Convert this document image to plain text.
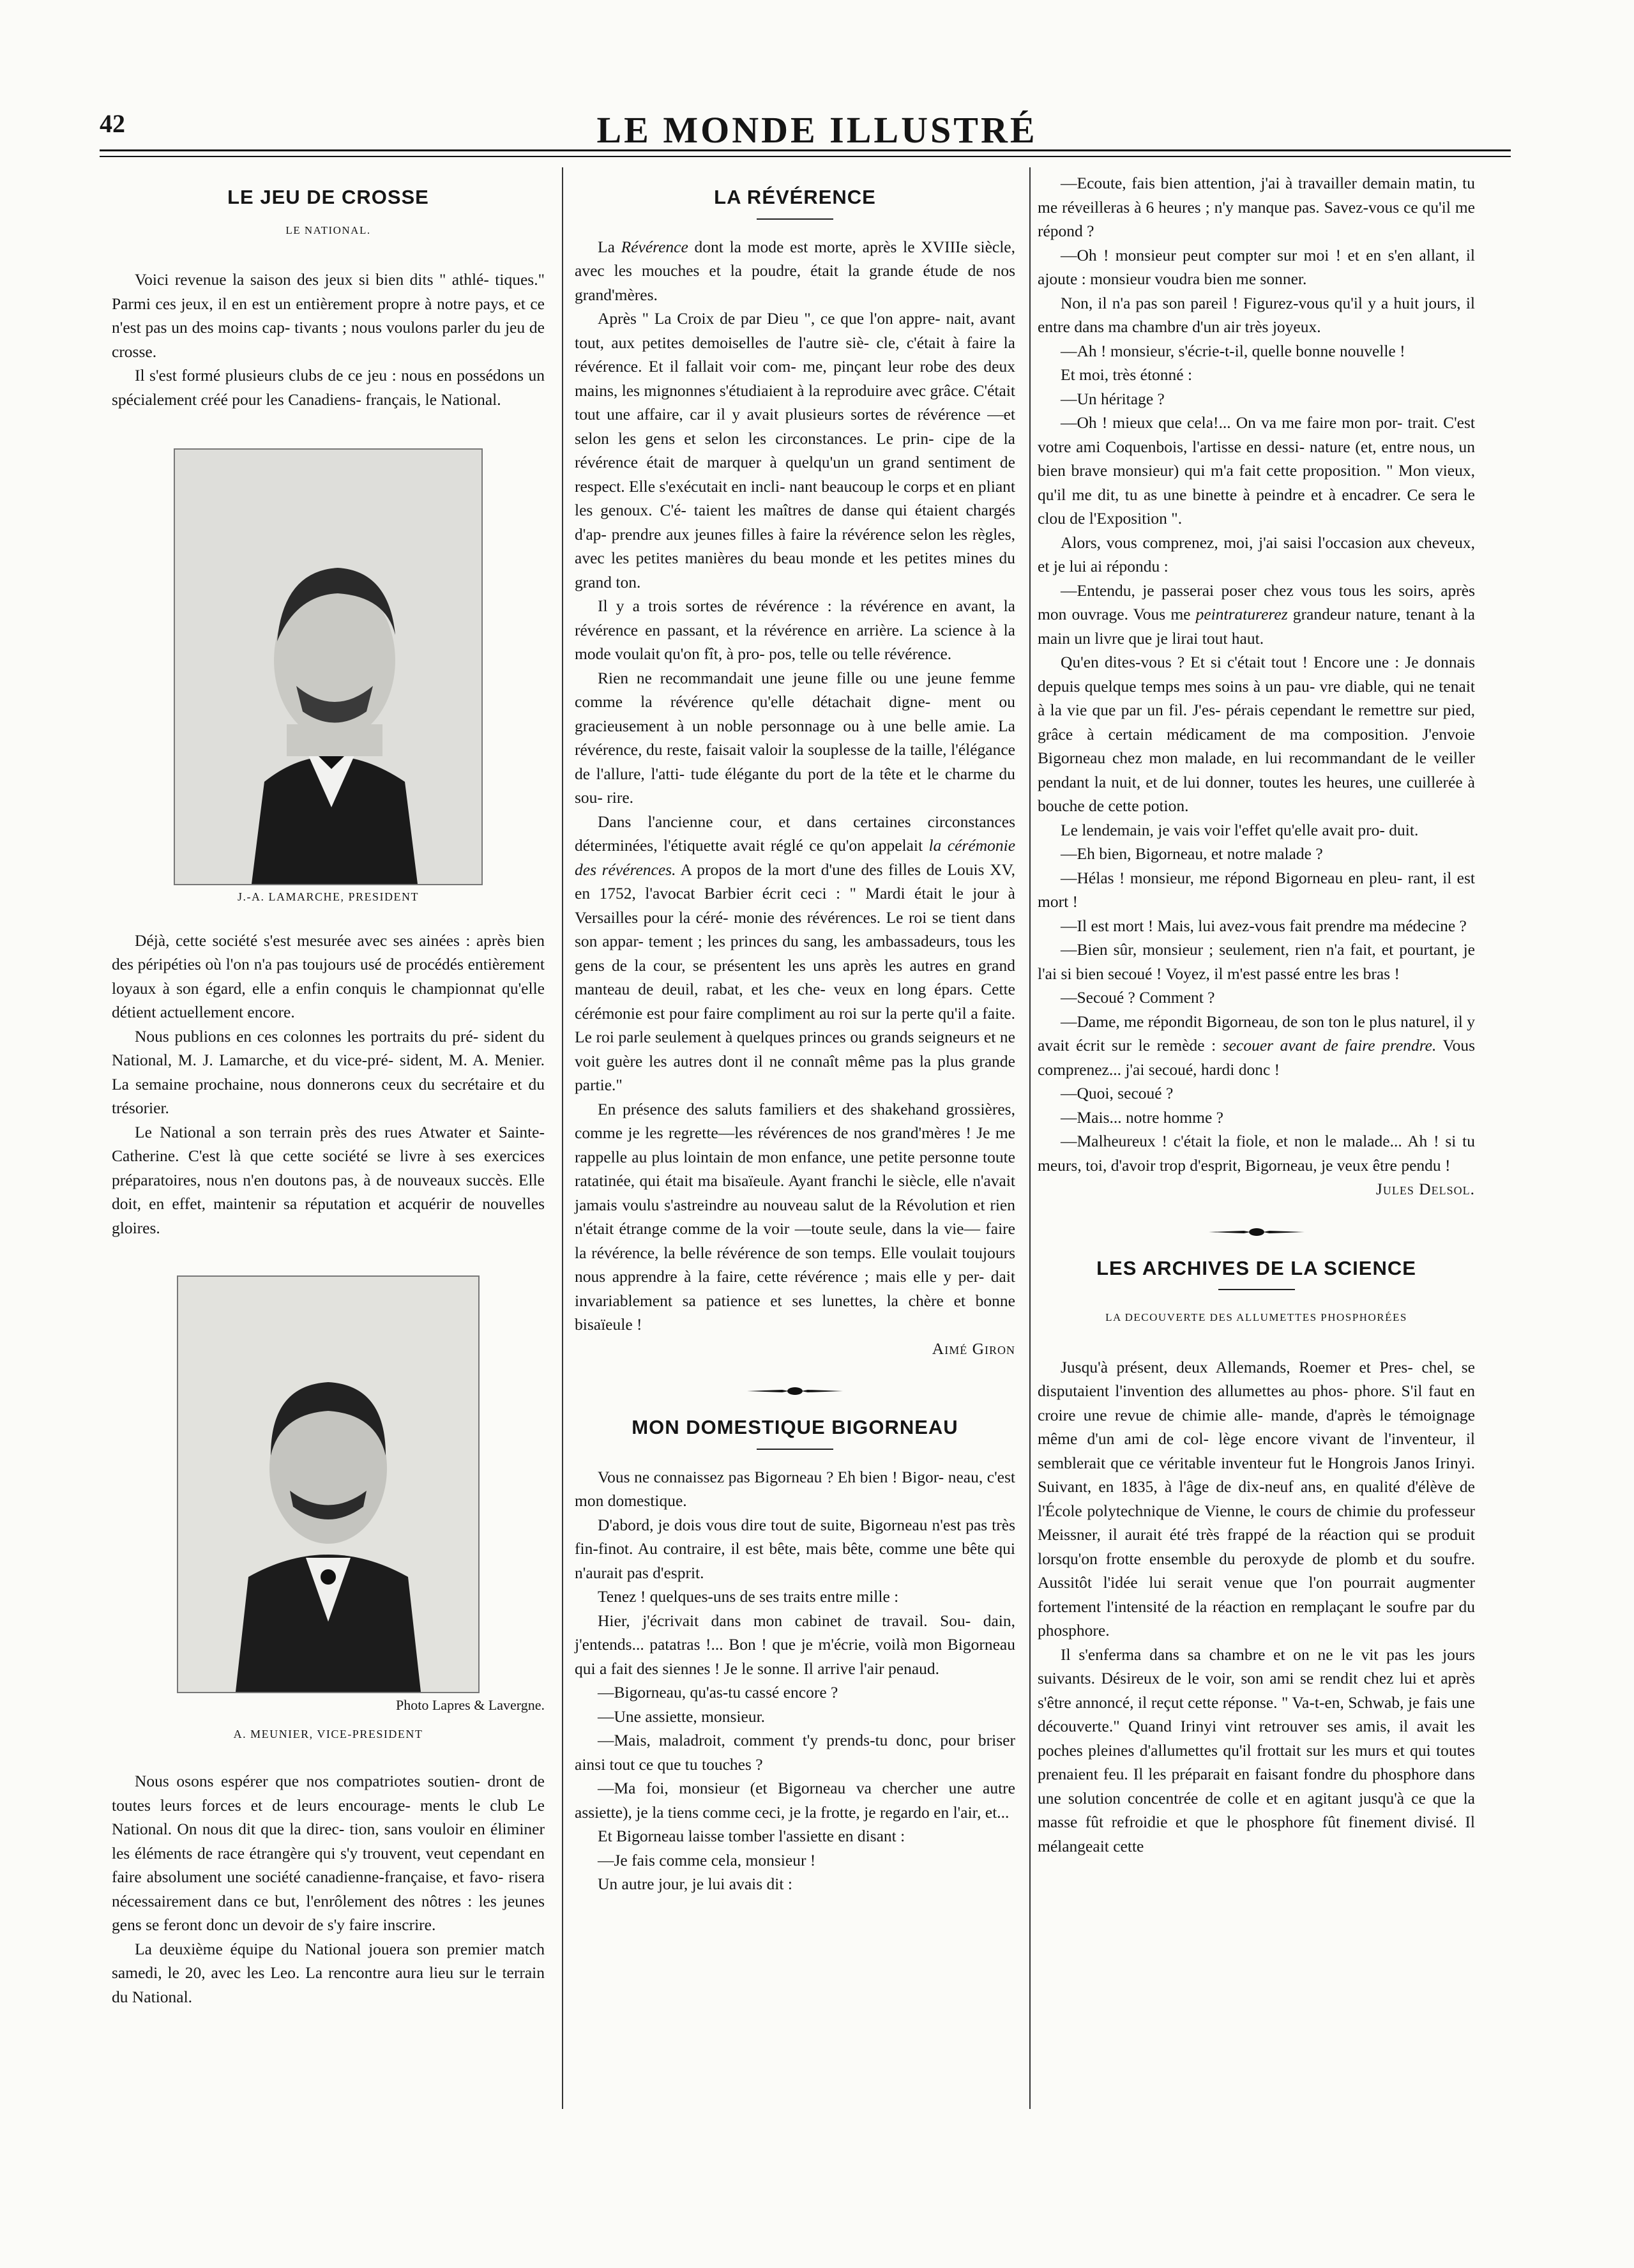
42	LE MONDE ILLUSTRÉ
LE JEU DE CROSSE
LE NATIONAL.

Voici revenue la saison des jeux si bien dits " athlé- tiques." Parmi ces jeux, il en est un entièrement propre à notre pays, et ce n'est pas un des moins cap- tivants ; nous voulons parler du jeu de crosse.

Il s'est formé plusieurs clubs de ce jeu : nous en possédons un spécialement créé pour les Canadiens- français, le National.

J.-A. LAMARCHE, PRESIDENT

Déjà, cette société s'est mesurée avec ses ainées : après bien des péripéties où l'on n'a pas toujours usé de procédés entièrement loyaux à son égard, elle a enfin conquis le championnat qu'elle détient actuellement encore.

Nous publions en ces colonnes les portraits du pré- sident du National, M. J. Lamarche, et du vice-pré- sident, M. A. Menier. La semaine prochaine, nous donnerons ceux du secrétaire et du trésorier.

Le National a son terrain près des rues Atwater et Sainte-Catherine. C'est là que cette société se livre à ses exercices préparatoires, nous n'en doutons pas, à de nouveaux succès. Elle doit, en effet, maintenir sa réputation et acquérir de nouvelles gloires.

Photo Lapres & Lavergne.

A. MEUNIER, VICE-PRESIDENT

Nous osons espérer que nos compatriotes soutien- dront de toutes leurs forces et de leurs encourage- ments le club Le National. On nous dit que la direc- tion, sans vouloir en éliminer les éléments de race étrangère qui s'y trouvent, veut cependant en faire absolument une société canadienne-française, et favo- risera nécessairement dans ce but, l'enrôlement des nôtres : les jeunes gens se feront donc un devoir de s'y faire inscrire.

La deuxième équipe du National jouera son premier match samedi, le 20, avec les Leo. La rencontre aura lieu sur le terrain du National.

LA RÉVÉRENCE

La Révérence dont la mode est morte, après le XVIIIe siècle, avec les mouches et la poudre, était la grande étude de nos grand'mères.

Après " La Croix de par Dieu ", ce que l'on appre- nait, avant tout, aux petites demoiselles de l'autre siè- cle, c'était à faire la révérence. Et il fallait voir com- me, pinçant leur robe des deux mains, les mignonnes s'étudiaient à la reproduire avec grâce. C'était tout une affaire, car il y avait plusieurs sortes de révérence —et selon les gens et selon les circonstances. Le prin- cipe de la révérence était de marquer à quelqu'un un grand sentiment de respect. Elle s'exécutait en incli- nant beaucoup le corps et en pliant les genoux. C'é- taient les maîtres de danse qui étaient chargés d'ap- prendre aux jeunes filles à faire la révérence selon les règles, avec les petites manières du beau monde et les petites mines du grand ton.

Il y a trois sortes de révérence : la révérence en avant, la révérence en passant, et la révérence en arrière. La science à la mode voulait qu'on fît, à pro- pos, telle ou telle révérence.

Rien ne recommandait une jeune fille ou une jeune femme comme la révérence qu'elle détachait digne- ment ou gracieusement à un noble personnage ou à une belle amie. La révérence, du reste, faisait valoir la souplesse de la taille, l'élégance de l'allure, l'atti- tude élégante du port de la tête et le charme du sou- rire.

Dans l'ancienne cour, et dans certaines circonstances déterminées, l'étiquette avait réglé ce qu'on appelait la cérémonie des révérences. A propos de la mort d'une des filles de Louis XV, en 1752, l'avocat Barbier écrit ceci : " Mardi était le jour à Versailles pour la céré- monie des révérences. Le roi se tient dans son appar- tement ; les princes du sang, les ambassadeurs, tous les gens de la cour, se présentent les uns après les autres en grand manteau de deuil, rabat, et les che- veux en long épars. Cette cérémonie est pour faire compliment au roi sur la perte qu'il a faite. Le roi parle seulement à quelques princes ou grands seigneurs et ne voit guère les autres dont il ne connaît même pas la plus grande partie."

En présence des saluts familiers et des shakehand grossières, comme je les regrette—les révérences de nos grand'mères ! Je me rappelle au plus lointain de mon enfance, une petite personne toute ratatinée, qui était ma bisaïeule. Ayant franchi le siècle, elle n'avait jamais voulu s'astreindre au nouveau salut de la Révolution et rien n'était étrange comme de la voir —toute seule, dans la vie— faire la révérence, la belle révérence de son temps. Elle voulait toujours nous apprendre à la faire, cette révérence ; mais elle y per- dait invariablement sa patience et ses lunettes, la chère et bonne bisaïeule !

Aimé Giron

MON DOMESTIQUE BIGORNEAU

Vous ne connaissez pas Bigorneau ? Eh bien ! Bigor- neau, c'est mon domestique.

D'abord, je dois vous dire tout de suite, Bigorneau n'est pas très fin-finot. Au contraire, il est bête, mais bête, comme une bête qui n'aurait pas d'esprit.

Tenez ! quelques-uns de ses traits entre mille :

Hier, j'écrivait dans mon cabinet de travail. Sou- dain, j'entends... patatras !... Bon ! que je m'écrie, voilà mon Bigorneau qui a fait des siennes ! Je le sonne. Il arrive l'air penaud.

—Bigorneau, qu'as-tu cassé encore ?

—Une assiette, monsieur.

—Mais, maladroit, comment t'y prends-tu donc, pour briser ainsi tout ce que tu touches ?

—Ma foi, monsieur (et Bigorneau va chercher une autre assiette), je la tiens comme ceci, je la frotte, je regardo en l'air, et...

Et Bigorneau laisse tomber l'assiette en disant :

—Je fais comme cela, monsieur !

Un autre jour, je lui avais dit :

—Ecoute, fais bien attention, j'ai à travailler demain matin, tu me réveilleras à 6 heures ; n'y manque pas. Savez-vous ce qu'il me répond ?

—Oh ! monsieur peut compter sur moi ! et en s'en allant, il ajoute : monsieur voudra bien me sonner.

Non, il n'a pas son pareil ! Figurez-vous qu'il y a huit jours, il entre dans ma chambre d'un air très joyeux.

—Ah ! monsieur, s'écrie-t-il, quelle bonne nouvelle !

Et moi, très étonné :

—Un héritage ?

—Oh ! mieux que cela!... On va me faire mon por- trait. C'est votre ami Coquenbois, l'artisse en dessi- nature (et, entre nous, un bien brave monsieur) qui m'a fait cette proposition. " Mon vieux, qu'il me dit, tu as une binette à peindre et à encadrer. Ce sera le clou de l'Exposition ".

Alors, vous comprenez, moi, j'ai saisi l'occasion aux cheveux, et je lui ai répondu :

—Entendu, je passerai poser chez vous tous les soirs, après mon ouvrage. Vous me peintraturerez grandeur nature, tenant à la main un livre que je lirai tout haut.

Qu'en dites-vous ? Et si c'était tout ! Encore une : Je donnais depuis quelque temps mes soins à un pau- vre diable, qui ne tenait à la vie que par un fil. J'es- pérais cependant le remettre sur pied, grâce à certain médicament de ma composition. J'envoie Bigorneau chez mon malade, en lui recommandant de le veiller pendant la nuit, et de lui donner, toutes les heures, une cuillerée à bouche de cette potion.

Le lendemain, je vais voir l'effet qu'elle avait pro- duit.

—Eh bien, Bigorneau, et notre malade ?

—Hélas ! monsieur, me répond Bigorneau en pleu- rant, il est mort !

—Il est mort ! Mais, lui avez-vous fait prendre ma médecine ?

—Bien sûr, monsieur ; seulement, rien n'a fait, et pourtant, je l'ai si bien secoué ! Voyez, il m'est passé entre les bras !

—Secoué ? Comment ?

—Dame, me répondit Bigorneau, de son ton le plus naturel, il y avait écrit sur le remède : secouer avant de faire prendre. Vous comprenez... j'ai secoué, hardi donc !

—Quoi, secoué ?

—Mais... notre homme ?

—Malheureux ! c'était la fiole, et non le malade... Ah ! si tu meurs, toi, d'avoir trop d'esprit, Bigorneau, je veux être pendu !

Jules Delsol.

LES ARCHIVES DE LA SCIENCE
LA DECOUVERTE DES ALLUMETTES PHOSPHORÉES

Jusqu'à présent, deux Allemands, Roemer et Pres- chel, se disputaient l'invention des allumettes au phos- phore. S'il faut en croire une revue de chimie alle- mande, d'après le témoignage même d'un ami de col- lège encore vivant de l'inventeur, il semblerait que ce véritable inventeur fut le Hongrois Janos Irinyi. Suivant, en 1835, à l'âge de dix-neuf ans, en qualité d'élève de l'École polytechnique de Vienne, le cours de chimie du professeur Meissner, il aurait été très frappé de la réaction qui se produit lorsqu'on frotte ensemble du peroxyde de plomb et du soufre. Aussitôt l'idée lui serait venue que l'on pourrait augmenter fortement l'intensité de la réaction en remplaçant le soufre par du phosphore.

Il s'enferma dans sa chambre et on ne le vit pas les jours suivants. Désireux de le voir, son ami se rendit chez lui et après s'être annoncé, il reçut cette réponse. " Va-t-en, Schwab, je fais une découverte." Quand Irinyi vint retrouver ses amis, il avait les poches pleines d'allumettes qu'il frottait sur les murs et qui toutes prenaient feu. Il les préparait en faisant fondre du phosphore dans une solution concentrée de colle et en agitant jusqu'à ce que la masse fût refroidie et que le phosphore fût finement divisé. Il mélangeait cette
